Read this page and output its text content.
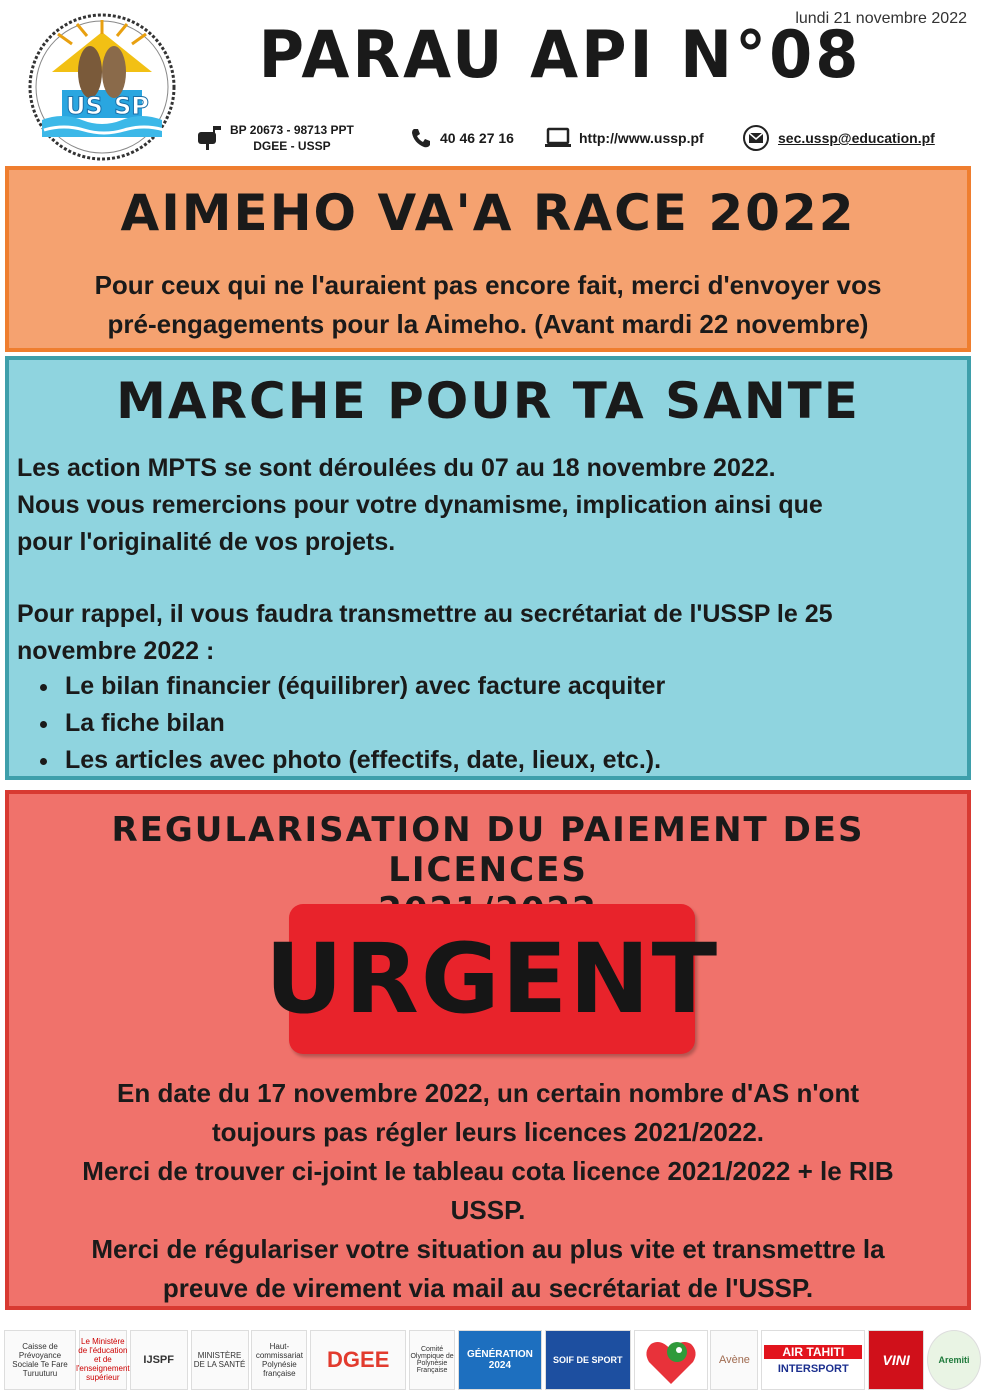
lundi 21 novembre 2022
US SP
PARAU API N°08
BP 20673 - 98713 PPT
DGEE - USSP	40 46 27 16	http://www.ussp.pf	sec.ussp@education.pf
AIMEHO VA'A RACE 2022
Pour ceux qui ne l'auraient pas encore fait, merci d'envoyer vos
pré-engagements pour la Aimeho. (Avant mardi 22 novembre)
MARCHE POUR TA SANTE
Les action MPTS se sont déroulées du 07 au 18 novembre 2022.
Nous vous remercions pour votre dynamisme, implication ainsi que
pour l'originalité de vos projets.
Pour rappel, il vous faudra transmettre au secrétariat de l'USSP le 25
novembre 2022 :
• Le bilan financier (équilibrer) avec facture acquiter
• La fiche bilan
• Les articles avec photo (effectifs, date, lieux, etc.).
REGULARISATION DU PAIEMENT DES LICENCES
URGENT
En date du 17 novembre 2022, un certain nombre d'AS n'ont
toujours pas régler leurs licences 2021/2022.
Merci de trouver ci-joint le tableau cota licence 2021/2022 + le RIB
USSP.
Merci de régulariser votre situation au plus vite et transmettre la
preuve de virement via mail au secrétariat de l'USSP.
Caisse de Prévoyance Sociale Te Fare Turuuturu
Le Ministère de l'éducation et de l'enseignement supérieur
IJSPF	MINISTÈRE DE LA SANTÉ
Haut-commissariat Polynésie française
DGEE	Comité Olympique de Polynésie Française
GÉNÉRATION 2024	SOIF DE SPORT	Avène
AIR TAHITI
INTERSPORT
VINI	Aremiti
